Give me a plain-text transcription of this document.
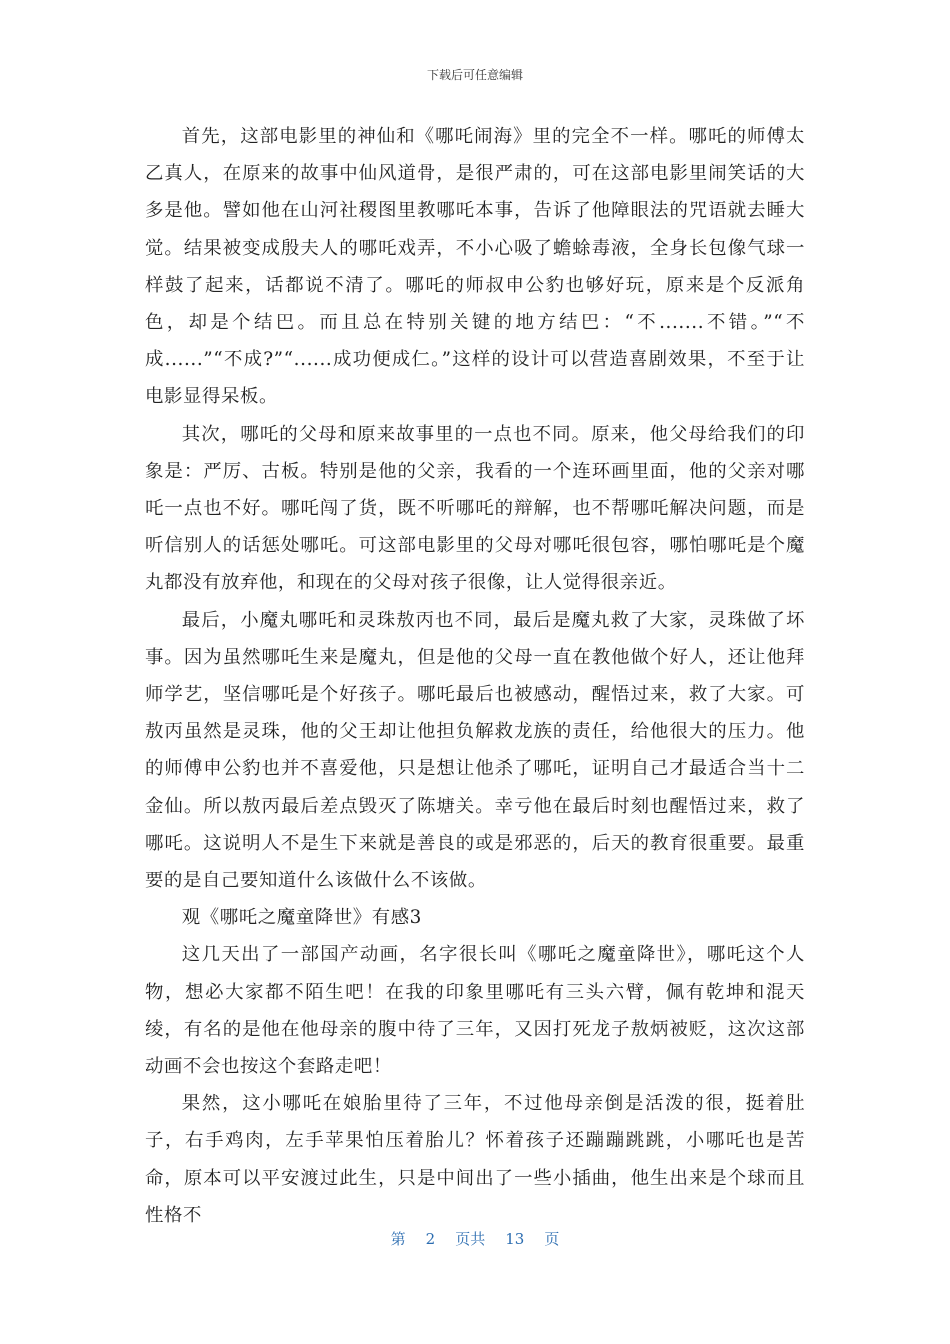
下载后可任意编辑

首先，这部电影里的神仙和《哪吒闹海》里的完全不一样。哪吒的师傅太乙真人，在原来的故事中仙风道骨，是很严肃的，可在这部电影里闹笑话的大多是他。譬如他在山河社稷图里教哪吒本事，告诉了他障眼法的咒语就去睡大觉。结果被变成殷夫人的哪吒戏弄，不小心吸了蟾蜍毒液，全身长包像气球一样鼓了起来，话都说不清了。哪吒的师叔申公豹也够好玩，原来是个反派角色，却是个结巴。而且总在特别关键的地方结巴：“不.......不错。”“不成......”“不成?”“......成功便成仁。”这样的设计可以营造喜剧效果，不至于让电影显得呆板。

其次，哪吒的父母和原来故事里的一点也不同。原来，他父母给我们的印象是：严厉、古板。特别是他的父亲，我看的一个连环画里面，他的父亲对哪吒一点也不好。哪吒闯了货，既不听哪吒的辩解，也不帮哪吒解决问题，而是听信别人的话惩处哪吒。可这部电影里的父母对哪吒很包容，哪怕哪吒是个魔丸都没有放弃他，和现在的父母对孩子很像，让人觉得很亲近。

最后，小魔丸哪吒和灵珠敖丙也不同，最后是魔丸救了大家，灵珠做了坏事。因为虽然哪吒生来是魔丸，但是他的父母一直在教他做个好人，还让他拜师学艺，坚信哪吒是个好孩子。哪吒最后也被感动，醒悟过来，救了大家。可敖丙虽然是灵珠，他的父王却让他担负解救龙族的责任，给他很大的压力。他的师傅申公豹也并不喜爱他，只是想让他杀了哪吒，证明自己才最适合当十二金仙。所以敖丙最后差点毁灭了陈塘关。幸亏他在最后时刻也醒悟过来，救了哪吒。这说明人不是生下来就是善良的或是邪恶的，后天的教育很重要。最重要的是自己要知道什么该做什么不该做。

观《哪吒之魔童降世》有感3

这几天出了一部国产动画，名字很长叫《哪吒之魔童降世》，哪吒这个人物，想必大家都不陌生吧！在我的印象里哪吒有三头六臂，佩有乾坤和混天绫，有名的是他在他母亲的腹中待了三年，又因打死龙子敖炳被贬，这次这部动画不会也按这个套路走吧！

果然，这小哪吒在娘胎里待了三年，不过他母亲倒是活泼的很，挺着肚子，右手鸡肉，左手苹果怕压着胎儿？怀着孩子还蹦蹦跳跳，小哪吒也是苦命，原本可以平安渡过此生，只是中间出了一些小插曲，他生出来是个球而且性格不

第 2 页共 13 页
